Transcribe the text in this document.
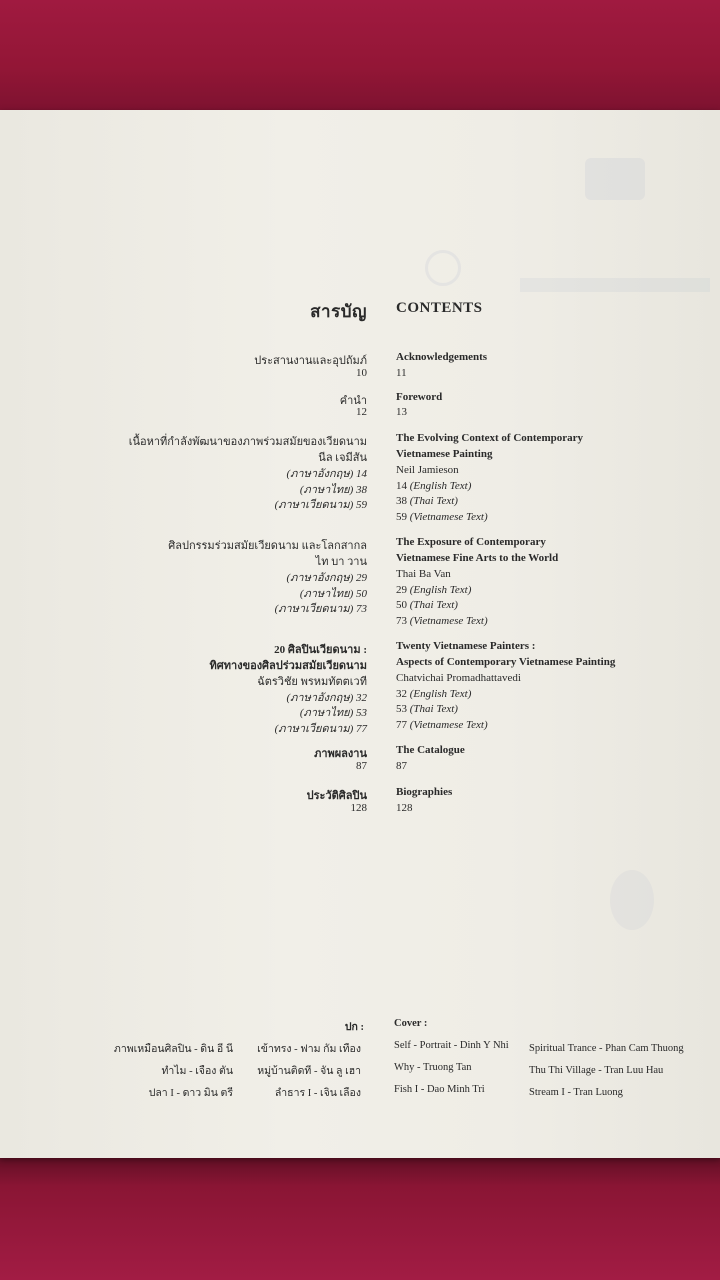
สารบัญ CONTENTS
ประสานงานและอุปถัมภ์
10
Acknowledgements
11
คำนำ
12
Foreword
13
เนื้อหาที่กำลังพัฒนาของภาพร่วมสมัยของเวียดนาม
นีล เจมีสัน
(ภาษาอังกฤษ) 14
(ภาษาไทย) 38
(ภาษาเวียดนาม) 59
The Evolving Context of Contemporary
Vietnamese Painting
Neil Jamieson
14 (English Text)
38 (Thai Text)
59 (Vietnamese Text)
ศิลปกรรมร่วมสมัยเวียดนาม และโลกสากล
ไท บา วาน
(ภาษาอังกฤษ) 29
(ภาษาไทย) 50
(ภาษาเวียดนาม) 73
The Exposure of Contemporary
Vietnamese Fine Arts to the World
Thai Ba Van
29 (English Text)
50 (Thai Text)
73 (Vietnamese Text)
20 ศิลปินเวียดนาม :
ทิศทางของศิลปร่วมสมัยเวียดนาม
ฉัตรวิชัย พรหมทัตตเวที
(ภาษาอังกฤษ) 32
(ภาษาไทย) 53
(ภาษาเวียดนาม) 77
Twenty Vietnamese Painters :
Aspects of Contemporary Vietnamese Painting
Chatvichai Promadhattavedi
32 (English Text)
53 (Thai Text)
77 (Vietnamese Text)
ภาพผลงาน
87
The Catalogue
87
ประวัติศิลปิน
128
Biographies
128
ปก :	Cover :
ภาพเหมือนศิลปิน - ดิน อี นี
ทำไม - เจือง ตัน
ปลา I - ดาว มิน ตรี
เข้าทรง - ฟาม กัม เทือง
หมู่บ้านติดที - จัน ลู เฮา
ลำธาร I - เจิน เลือง
Self - Portrait - Dinh Y Nhi
Why - Truong Tan
Fish I - Dao Minh Tri
Spiritual Trance - Phan Cam Thuong
Thu Thi Village - Tran Luu Hau
Stream I - Tran Luong
